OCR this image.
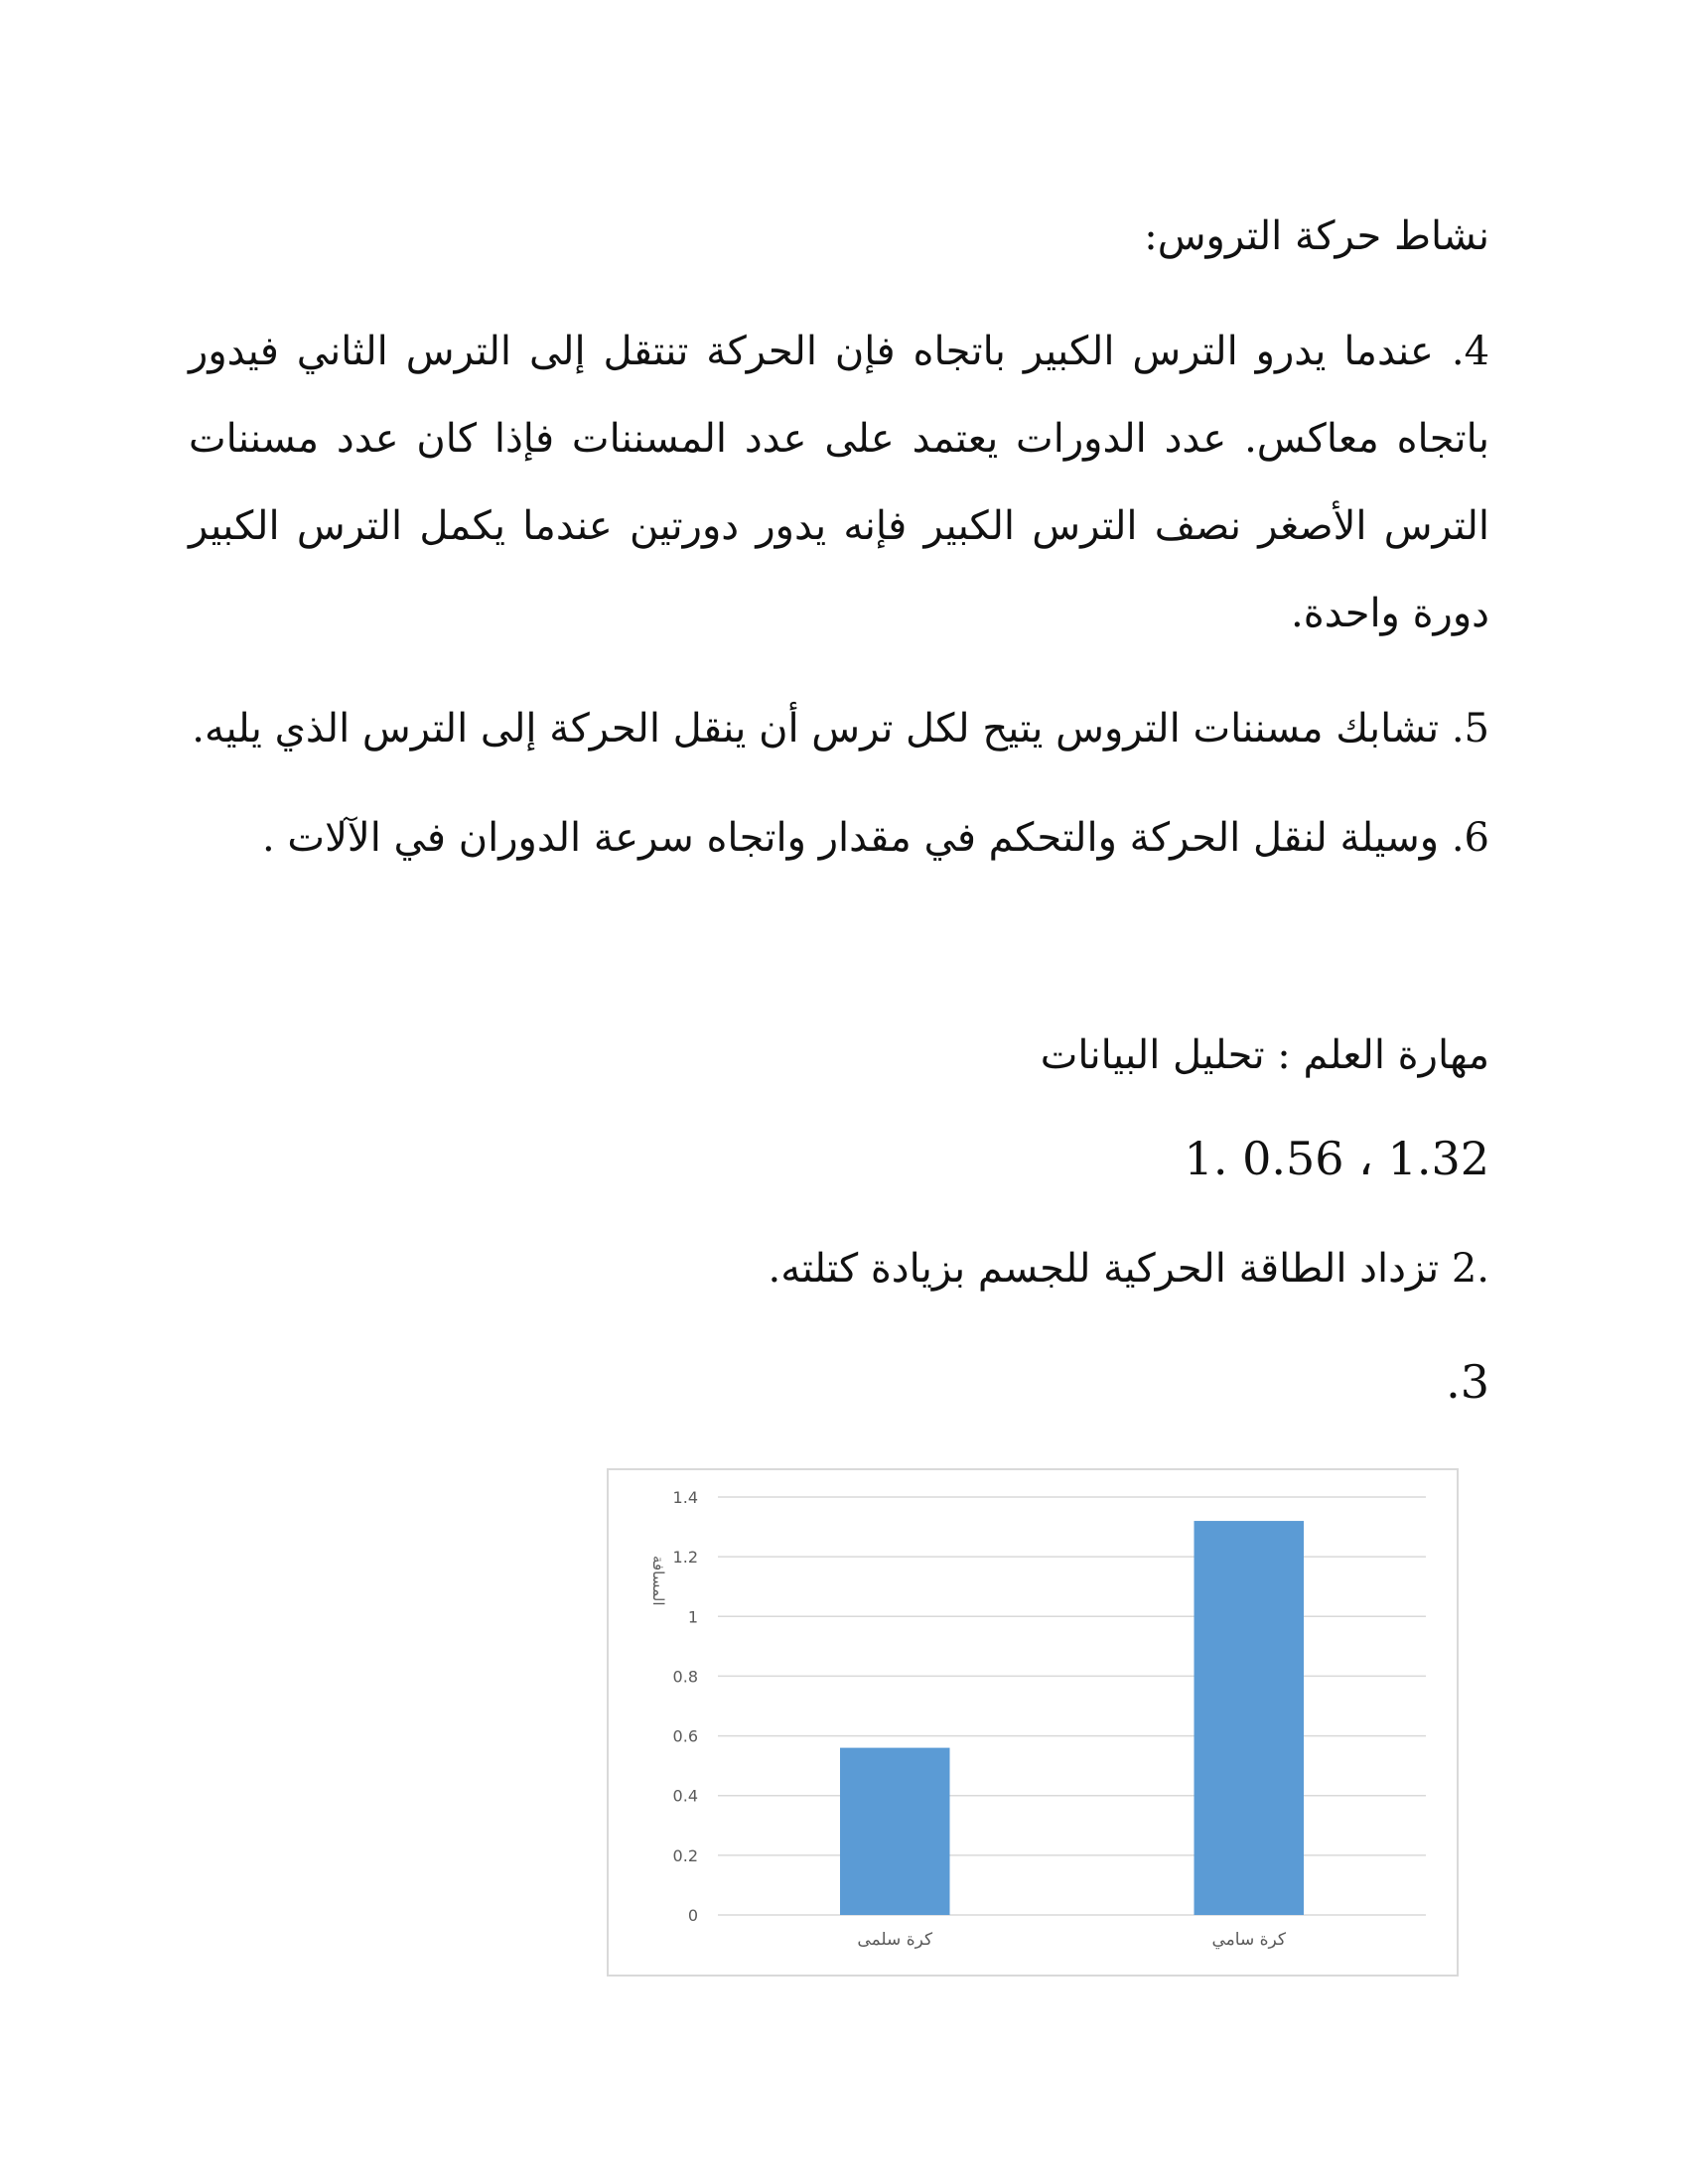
نشاط حركة التروس:
4. عندما يدرو الترس الكبير باتجاه فإن الحركة تنتقل إلى الترس الثاني فيدور باتجاه معاكس. عدد الدورات يعتمد على عدد المسننات فإذا كان عدد مسننات الترس الأصغر نصف الترس الكبير فإنه يدور دورتين عندما يكمل الترس الكبير دورة واحدة.
5. تشابك مسننات التروس يتيح لكل ترس أن ينقل الحركة إلى الترس الذي يليه.
6. وسيلة لنقل الحركة والتحكم في مقدار واتجاه سرعة الدوران في الآلات .
مهارة العلم : تحليل البيانات
1.32 ، 0.56 .1
.2 تزداد الطاقة الحركية للجسم بزيادة كتلته.
.3
0
0.2
0.4
0.6
0.8
1
1.2
1.4
المسافة
كرة سلمى	كرة سامي
